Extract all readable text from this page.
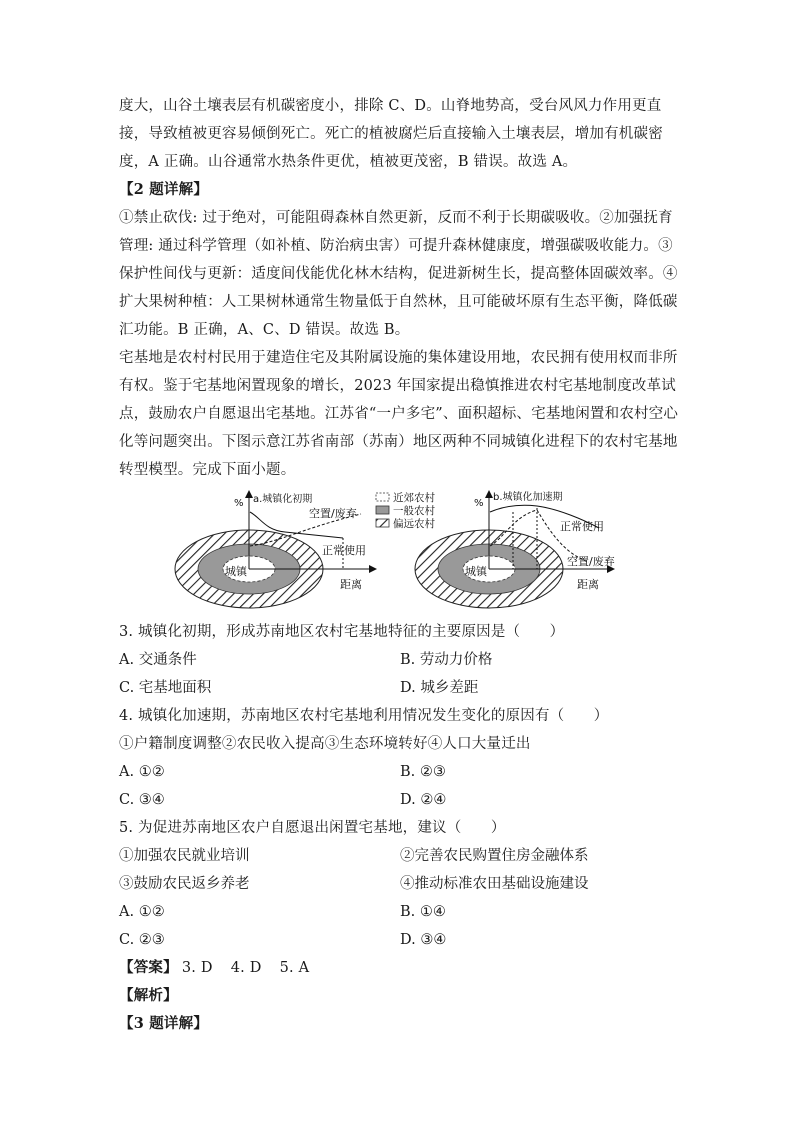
度大，山谷土壤表层有机碳密度小，排除 C、D。山脊地势高，受台风风力作用更直接，导致植被更容易倾倒死亡。死亡的植被腐烂后直接输入土壤表层，增加有机碳密度，A 正确。山谷通常水热条件更优，植被更茂密，B 错误。故选 A。

【2 题详解】

①禁止砍伐: 过于绝对，可能阻碍森林自然更新，反而不利于长期碳吸收。②加强抚育管理: 通过科学管理（如补植、防治病虫害）可提升森林健康度，增强碳吸收能力。③保护性间伐与更新：适度间伐能优化林木结构，促进新树生长，提高整体固碳效率。④扩大果树种植：人工果树林通常生物量低于自然林，且可能破坏原有生态平衡，降低碳汇功能。B 正确，A、C、D 错误。故选 B。

宅基地是农村村民用于建造住宅及其附属设施的集体建设用地，农民拥有使用权而非所有权。鉴于宅基地闲置现象的增长，2023 年国家提出稳慎推进农村宅基地制度改革试点，鼓励农户自愿退出宅基地。江苏省“一户多宅”、面积超标、宅基地闲置和农村空心化等问题突出。下图示意江苏省南部（苏南）地区两种不同城镇化进程下的农村宅基地转型模型。完成下面小题。

城镇
% a.城镇化初期
空置/废弃
正常使用
距离
近郊农村
一般农村
偏远农村
城镇
%
b.城镇化加速期
正常使用
空置/废弃
距离

3. 城镇化初期，形成苏南地区农村宅基地特征的主要原因是（　　）

A. 交通条件	B. 劳动力价格
C. 宅基地面积	D. 城乡差距

4. 城镇化加速期，苏南地区农村宅基地利用情况发生变化的原因有（　　）

①户籍制度调整②农民收入提高③生态环境转好④人口大量迁出

A. ①②	B. ②③
C. ③④	D. ②④

5. 为促进苏南地区农户自愿退出闲置宅基地，建议（　　）

①加强农民就业培训	②完善农民购置住房金融体系
③鼓励农民返乡养老	④推动标准农田基础设施建设
A. ①②	B. ①④
C. ②③	D. ③④

【答案】 3. D 4. D 5. A

【解析】

【3 题详解】
